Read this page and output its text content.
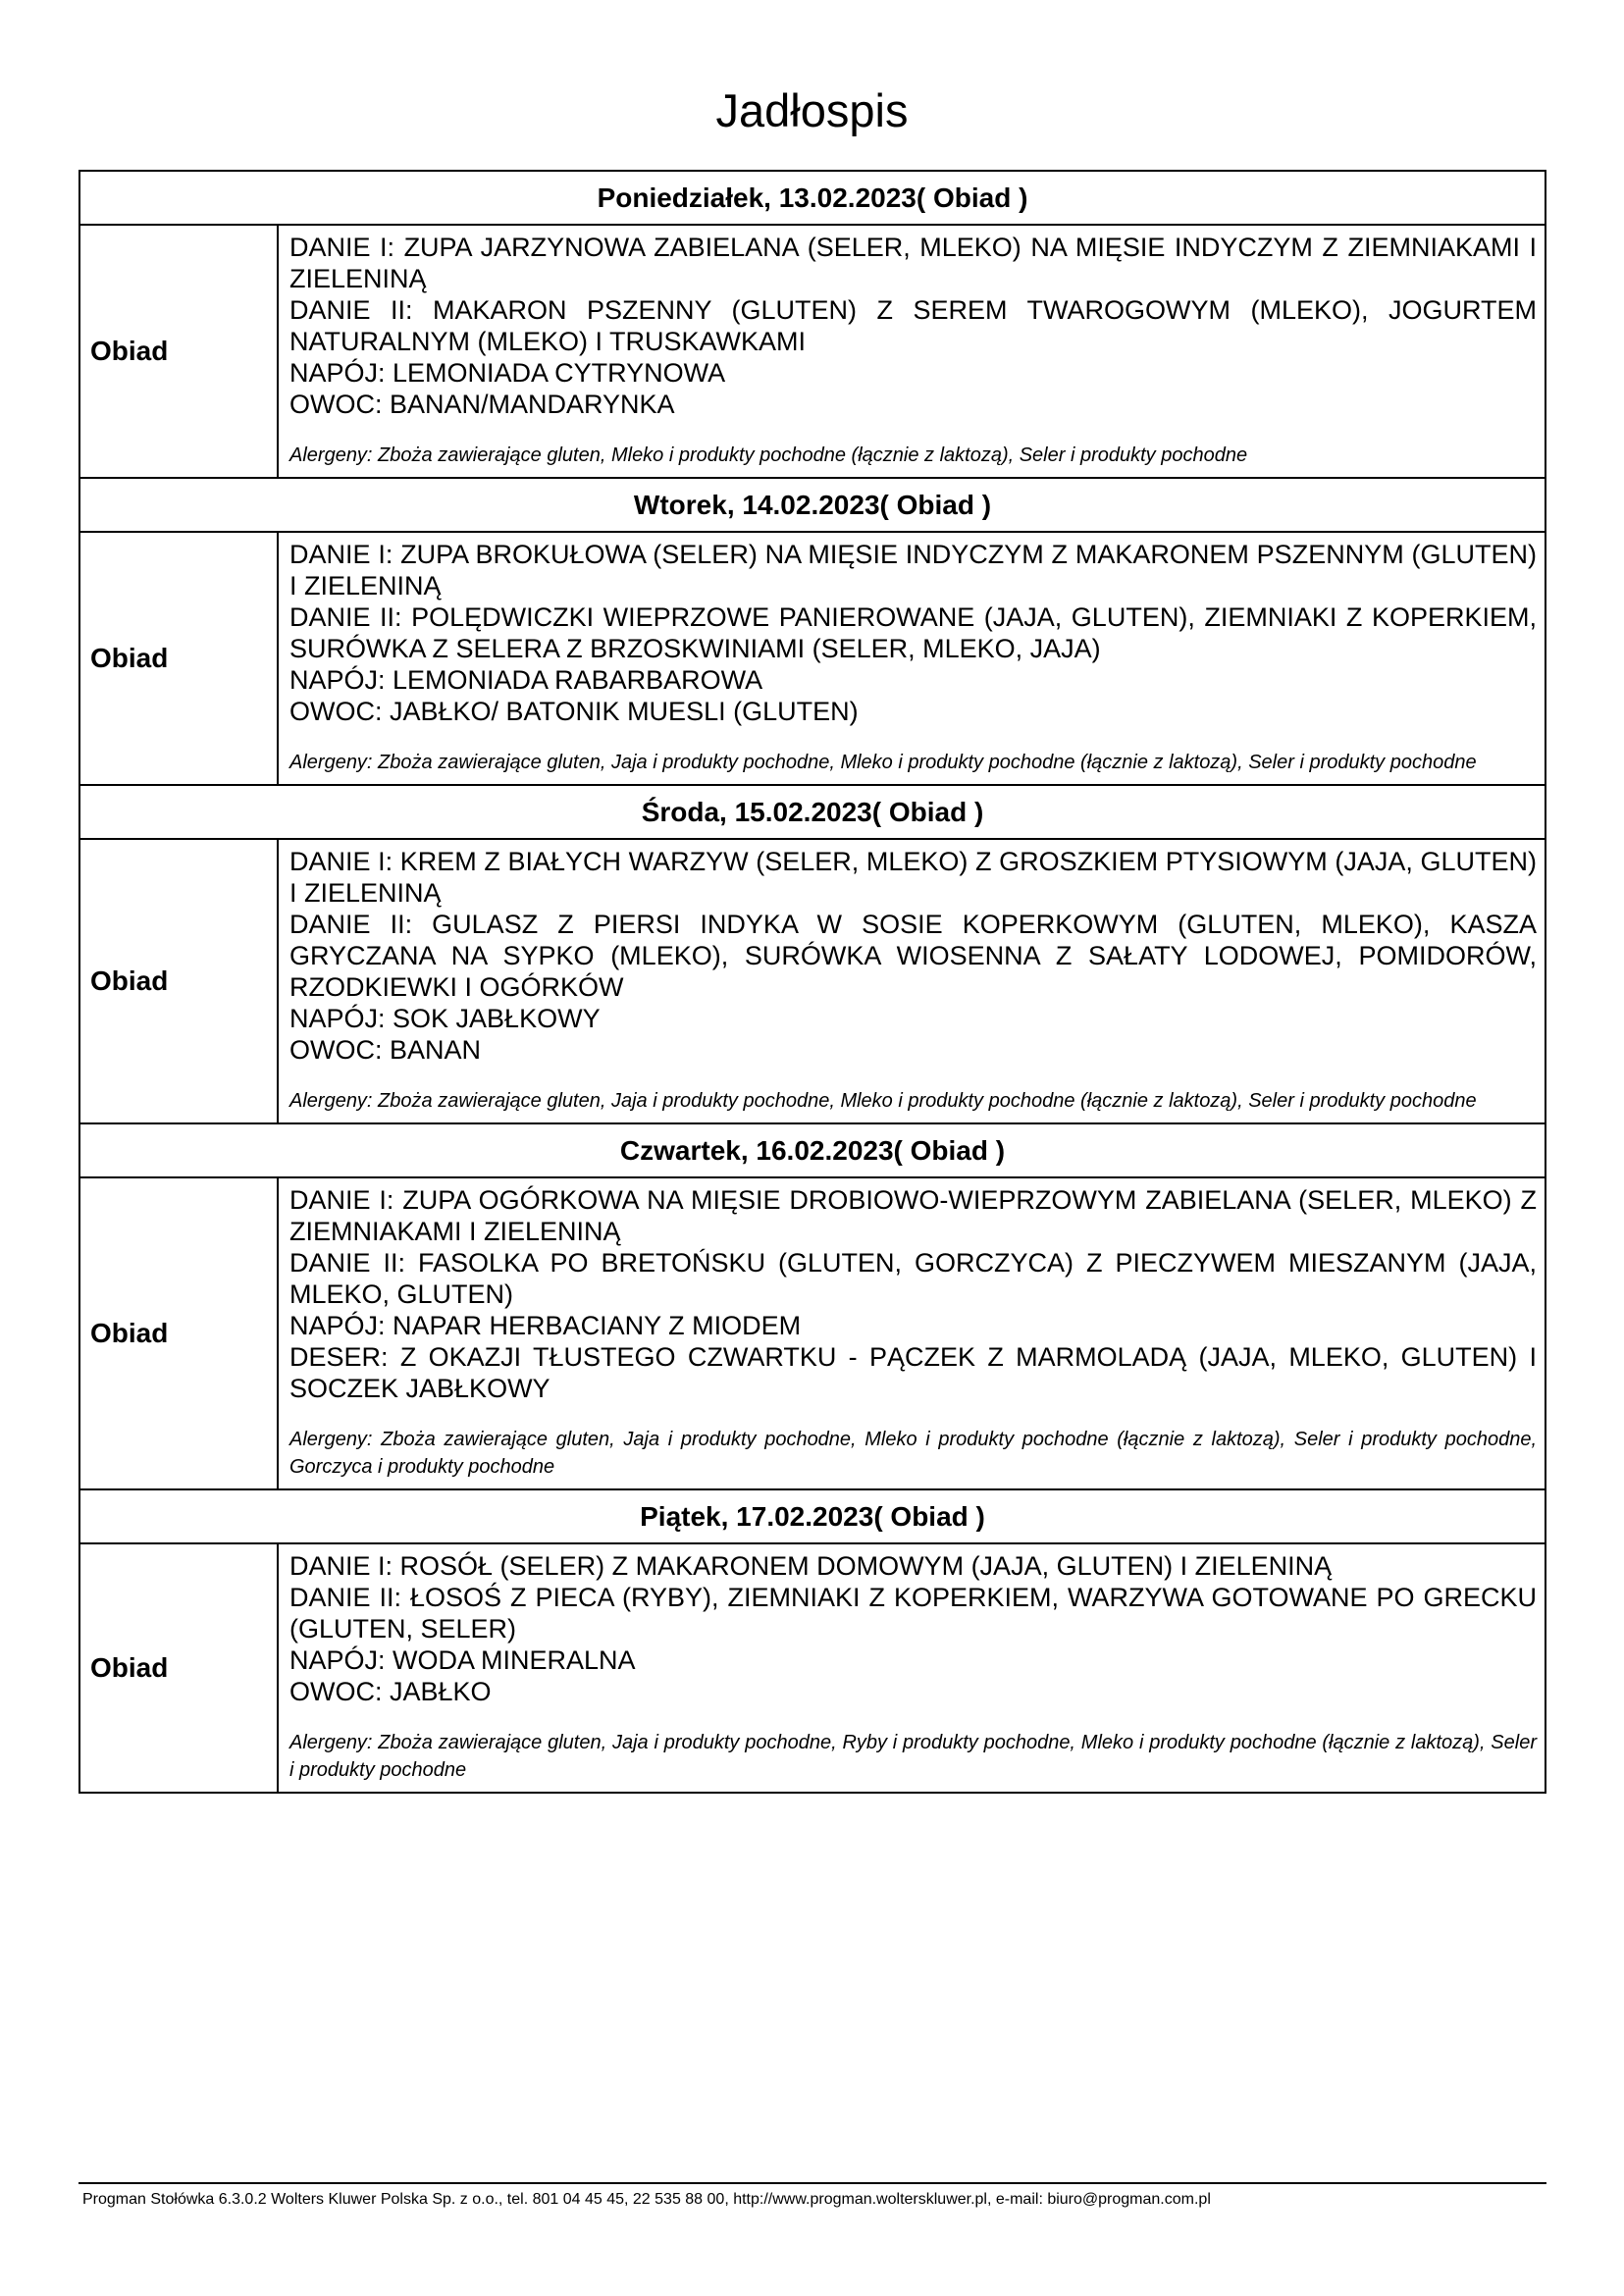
Jadłospis
Poniedziałek, 13.02.2023( Obiad )	
Obiad	DANIE I: ZUPA JARZYNOWA ZABIELANA (SELER, MLEKO) NA MIĘSIE INDYCZYM Z ZIEMNIAKAMI I ZIELENINĄ
DANIE II: MAKARON PSZENNY (GLUTEN) Z SEREM TWAROGOWYM (MLEKO), JOGURTEM NATURALNYM (MLEKO) I TRUSKAWKAMI
NAPÓJ: LEMONIADA CYTRYNOWA
OWOC: BANAN/MANDARYNKA
Alergeny: Zboża zawierające gluten, Mleko i produkty pochodne (łącznie z laktozą), Seler i produkty pochodne

Wtorek, 14.02.2023( Obiad )	
Obiad	DANIE I: ZUPA BROKUŁOWA (SELER) NA MIĘSIE INDYCZYM Z MAKARONEM PSZENNYM (GLUTEN) I ZIELENINĄ
DANIE II: POLĘDWICZKI WIEPRZOWE PANIEROWANE (JAJA, GLUTEN), ZIEMNIAKI Z KOPERKIEM, SURÓWKA Z SELERA Z BRZOSKWINIAMI (SELER, MLEKO, JAJA)
NAPÓJ: LEMONIADA RABARBAROWA
OWOC: JABŁKO/ BATONIK MUESLI (GLUTEN)
Alergeny: Zboża zawierające gluten, Jaja i produkty pochodne, Mleko i produkty pochodne (łącznie z laktozą), Seler i produkty pochodne

Środa, 15.02.2023( Obiad )	
Obiad	DANIE I: KREM Z BIAŁYCH WARZYW (SELER, MLEKO) Z GROSZKIEM PTYSIOWYM (JAJA, GLUTEN) I ZIELENINĄ
DANIE II: GULASZ Z PIERSI INDYKA W SOSIE KOPERKOWYM (GLUTEN, MLEKO), KASZA GRYCZANA NA SYPKO (MLEKO), SURÓWKA WIOSENNA Z SAŁATY LODOWEJ, POMIDORÓW, RZODKIEWKI I OGÓRKÓW
NAPÓJ: SOK JABŁKOWY
OWOC: BANAN
Alergeny: Zboża zawierające gluten, Jaja i produkty pochodne, Mleko i produkty pochodne (łącznie z laktozą), Seler i produkty pochodne

Czwartek, 16.02.2023( Obiad )	
Obiad	DANIE I: ZUPA OGÓRKOWA NA MIĘSIE DROBIOWO-WIEPRZOWYM ZABIELANA (SELER, MLEKO) Z ZIEMNIAKAMI I ZIELENINĄ
DANIE II: FASOLKA PO BRETOŃSKU (GLUTEN, GORCZYCA) Z PIECZYWEM MIESZANYM (JAJA, MLEKO, GLUTEN)
NAPÓJ: NAPAR HERBACIANY Z MIODEM
DESER: Z OKAZJI TŁUSTEGO CZWARTKU - PĄCZEK Z MARMOLADĄ (JAJA, MLEKO, GLUTEN) I SOCZEK JABŁKOWY
Alergeny: Zboża zawierające gluten, Jaja i produkty pochodne, Mleko i produkty pochodne (łącznie z laktozą), Seler i produkty pochodne, Gorczyca i produkty pochodne

Piątek, 17.02.2023( Obiad )	
Obiad	DANIE I: ROSÓŁ (SELER) Z MAKARONEM DOMOWYM (JAJA, GLUTEN) I ZIELENINĄ
DANIE II: ŁOSOŚ Z PIECA (RYBY), ZIEMNIAKI Z KOPERKIEM, WARZYWA GOTOWANE PO GRECKU (GLUTEN, SELER)
NAPÓJ: WODA MINERALNA
OWOC: JABŁKO
Alergeny: Zboża zawierające gluten, Jaja i produkty pochodne, Ryby i produkty pochodne, Mleko i produkty pochodne (łącznie z laktozą), Seler i produkty pochodne
Progman Stołówka 6.3.0.2 Wolters Kluwer Polska Sp. z o.o., tel. 801 04 45 45, 22 535 88 00, http://www.progman.wolterskluwer.pl, e-mail: biuro@progman.com.pl
